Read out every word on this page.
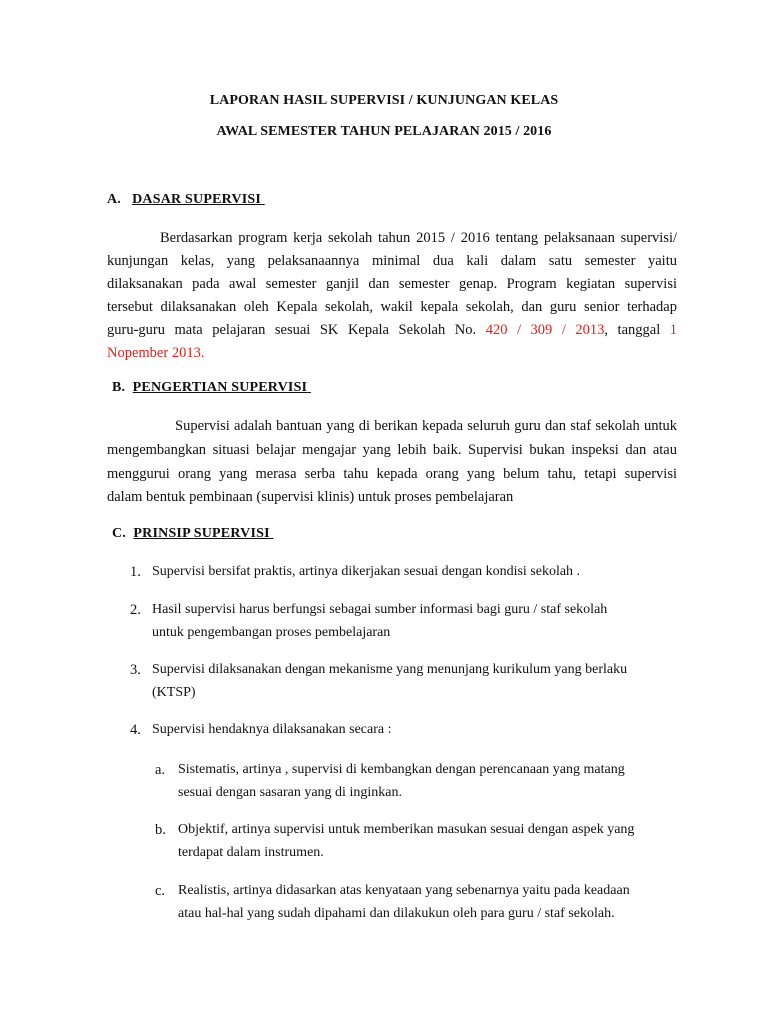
LAPORAN HASIL SUPERVISI / KUNJUNGAN KELAS
AWAL SEMESTER TAHUN PELAJARAN 2015 / 2016
A. DASAR SUPERVISI
Berdasarkan program kerja sekolah tahun 2015 / 2016 tentang pelaksanaan supervisi/
kunjungan kelas, yang pelaksanaannya minimal dua kali dalam satu semester yaitu
dilaksanakan pada awal semester ganjil dan semester genap. Program kegiatan supervisi
tersebut dilaksanakan oleh Kepala sekolah, wakil kepala sekolah, dan guru senior terhadap
guru-guru mata pelajaran sesuai SK Kepala Sekolah No. 420 / 309 / 2013, tanggal 1
Nopember 2013.
B. PENGERTIAN SUPERVISI
Supervisi adalah bantuan yang di berikan kepada seluruh guru dan staf sekolah untuk
mengembangkan situasi belajar mengajar yang lebih baik. Supervisi bukan inspeksi dan atau
menggurui orang yang merasa serba tahu kepada orang yang belum tahu, tetapi supervisi
dalam bentuk pembinaan (supervisi klinis) untuk proses pembelajaran
C. PRINSIP SUPERVISI
1. Supervisi bersifat praktis, artinya dikerjakan sesuai dengan kondisi sekolah .
2. Hasil supervisi harus berfungsi sebagai sumber informasi bagi guru / staf sekolah
untuk pengembangan proses pembelajaran
3. Supervisi dilaksanakan dengan mekanisme yang menunjang kurikulum yang berlaku
(KTSP)
4. Supervisi hendaknya dilaksanakan secara :
a. Sistematis, artinya , supervisi di kembangkan dengan perencanaan yang matang
sesuai dengan sasaran yang di inginkan.
b. Objektif, artinya supervisi untuk memberikan masukan sesuai dengan aspek yang
terdapat dalam instrumen.
c. Realistis, artinya didasarkan atas kenyataan yang sebenarnya yaitu pada keadaan
atau hal-hal yang sudah dipahami dan dilakukun oleh para guru / staf sekolah.
